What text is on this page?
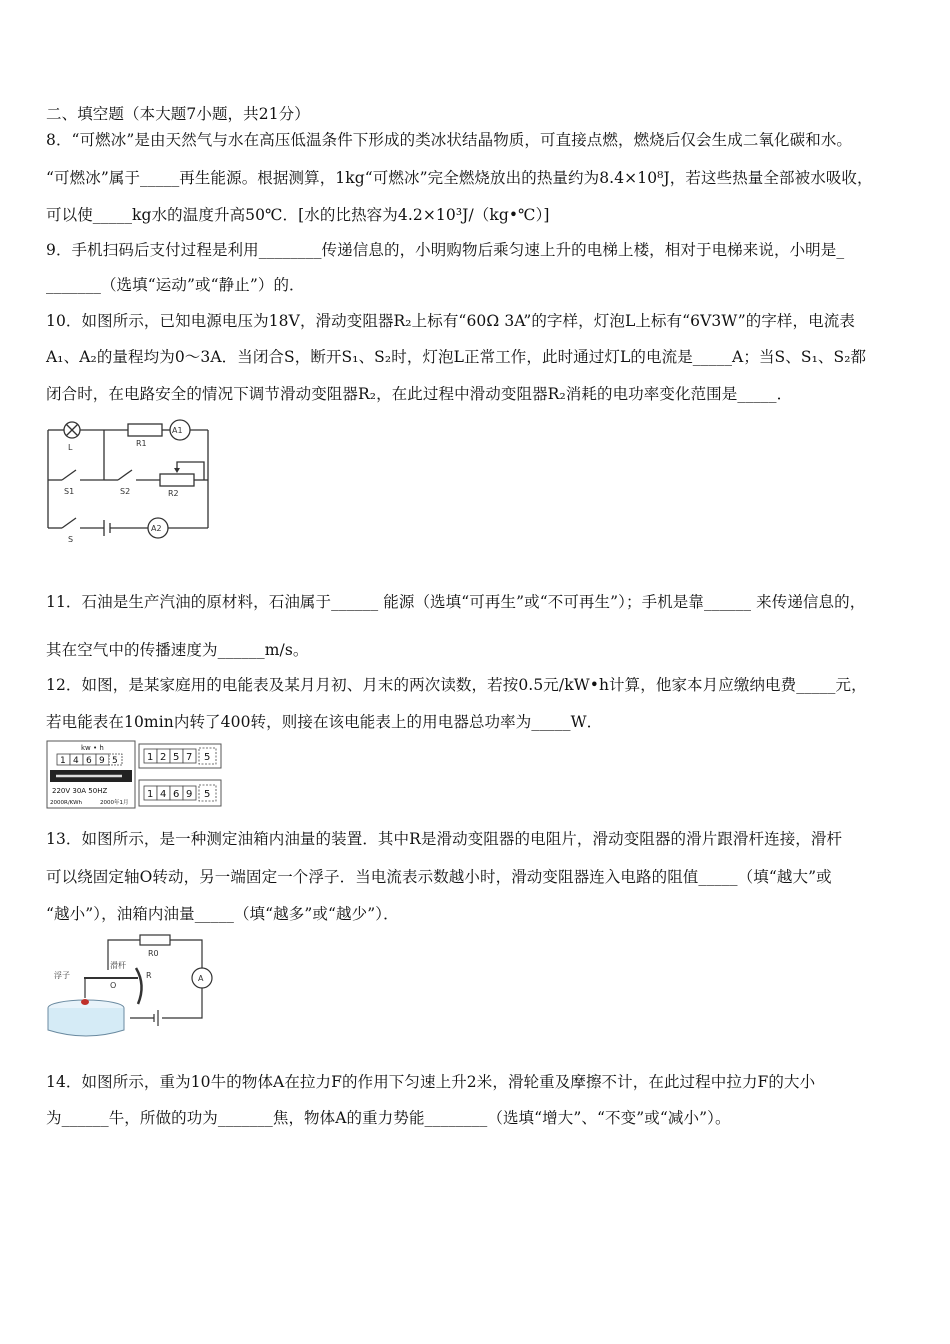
二、填空题（本大题7小题，共21分）
8．“可燃冰”是由天然气与水在高压低温条件下形成的类冰状结晶物质，可直接点燃，燃烧后仅会生成二氧化碳和水。
“可燃冰”属于_____再生能源。根据测算，1kg“可燃冰”完全燃烧放出的热量约为8.4×10⁸J，若这些热量全部被水吸收，
可以使_____kg水的温度升高50℃．[水的比热容为4.2×10³J/（kg•℃）]
9．手机扫码后支付过程是利用________传递信息的，小明购物后乘匀速上升的电梯上楼，相对于电梯来说，小明是_
_______（选填“运动”或“静止”）的．
10．如图所示，已知电源电压为18V，滑动变阻器R₂上标有“60Ω 3A”的字样，灯泡L上标有“6V3W”的字样，电流表
A₁、A₂的量程均为0～3A．当闭合S，断开S₁、S₂时，灯泡L正常工作，此时通过灯L的电流是_____A；当S、S₁、S₂都
闭合时，在电路安全的情况下调节滑动变阻器R₂，在此过程中滑动变阻器R₂消耗的电功率变化范围是_____．
L	R1
A1
S1	S2	R2
S
A2
11．石油是生产汽油的原材料，石油属于______ 能源（选填“可再生”或“不可再生”）；手机是靠______ 来传递信息的，
其在空气中的传播速度为______m/s。
12．如图，是某家庭用的电能表及某月月初、月末的两次读数，若按0.5元/kW•h计算，他家本月应缴纳电费_____元，
若电能表在10min内转了400转，则接在该电能表上的用电器总功率为_____W．
kw • h
1 4 6 9 5
220V 30A 50HZ
2000R/KWh	2000年1月
1 2 5 7 5
1 4 6 9 5
13．如图所示，是一种测定油箱内油量的装置．其中R是滑动变阻器的电阻片，滑动变阻器的滑片跟滑杆连接，滑杆
可以绕固定轴O转动，另一端固定一个浮子．当电流表示数越小时，滑动变阻器连入电路的阻值_____（填“越大”或
“越小”），油箱内油量_____（填“越多”或“越少”）．
浮子
滑杆
O
R
R0
A
14．如图所示，重为10牛的物体A在拉力F的作用下匀速上升2米，滑轮重及摩擦不计，在此过程中拉力F的大小
为______牛，所做的功为_______焦，物体A的重力势能________（选填“增大”、“不变”或“减小”）。
